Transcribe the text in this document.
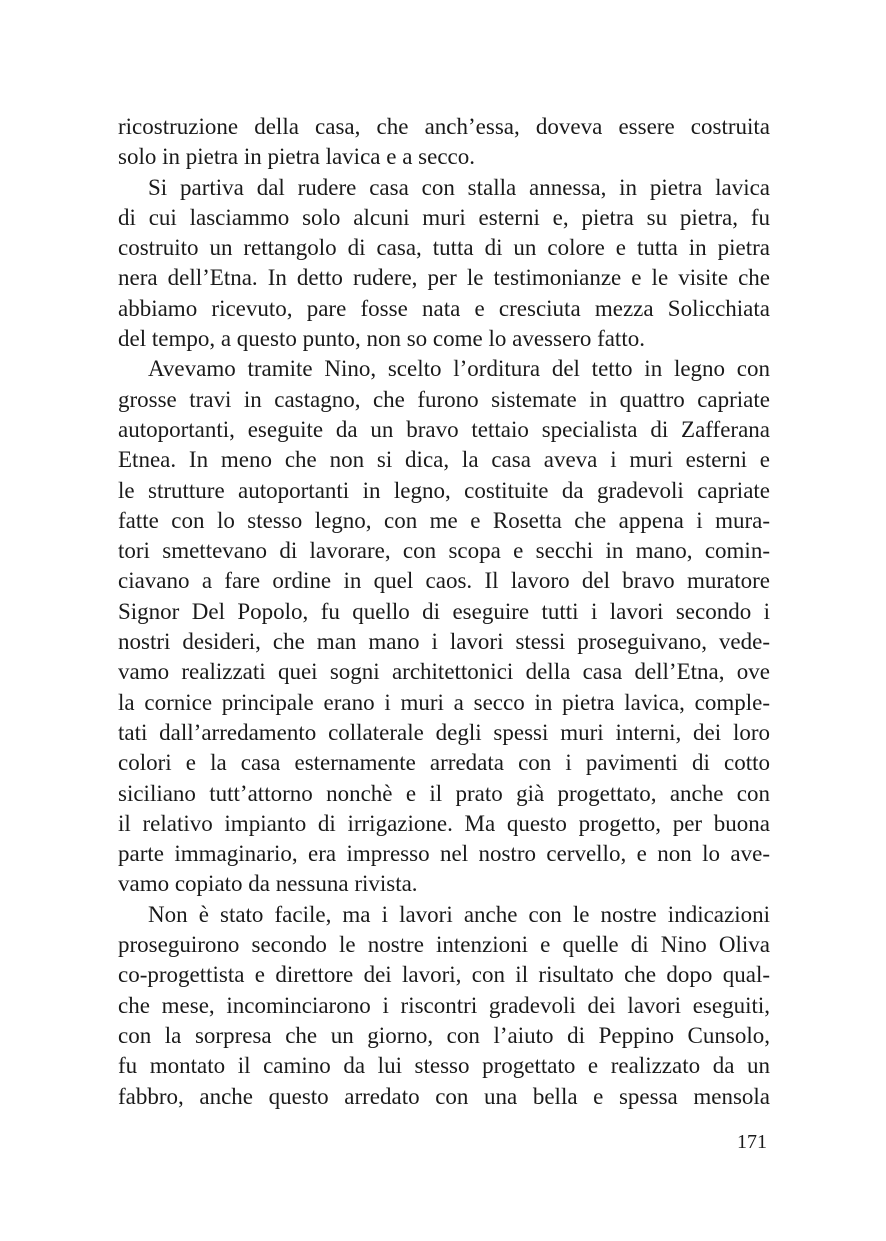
ricostruzione della casa, che anch’essa, doveva essere costruita
solo in pietra in pietra lavica e a secco.
Si partiva dal rudere casa con stalla annessa, in pietra lavica
di cui lasciammo solo alcuni muri esterni e, pietra su pietra, fu
costruito un rettangolo di casa, tutta di un colore e tutta in pietra
nera dell’Etna. In detto rudere, per le testimonianze e le visite che
abbiamo ricevuto, pare fosse nata e cresciuta mezza Solicchiata
del tempo, a questo punto, non so come lo avessero fatto.
Avevamo tramite Nino, scelto l’orditura del tetto in legno con
grosse travi in castagno, che furono sistemate in quattro capriate
autoportanti, eseguite da un bravo tettaio specialista di Zafferana
Etnea. In meno che non si dica, la casa aveva i muri esterni e
le strutture autoportanti in legno, costituite da gradevoli capriate
fatte con lo stesso legno, con me e Rosetta che appena i mura-
tori smettevano di lavorare, con scopa e secchi in mano, comin-
ciavano a fare ordine in quel caos. Il lavoro del bravo muratore
Signor Del Popolo, fu quello di eseguire tutti i lavori secondo i
nostri desideri, che man mano i lavori stessi proseguivano, vede-
vamo realizzati quei sogni architettonici della casa dell’Etna, ove
la cornice principale erano i muri a secco in pietra lavica, comple-
tati dall’arredamento collaterale degli spessi muri interni, dei loro
colori e la casa esternamente arredata con i pavimenti di cotto
siciliano tutt’attorno nonchè e il prato già progettato, anche con
il relativo impianto di irrigazione. Ma questo progetto, per buona
parte immaginario, era impresso nel nostro cervello, e non lo ave-
vamo copiato da nessuna rivista.
Non è stato facile, ma i lavori anche con le nostre indicazioni
proseguirono secondo le nostre intenzioni e quelle di Nino Oliva
co-progettista e direttore dei lavori, con il risultato che dopo qual-
che mese, incominciarono i riscontri gradevoli dei lavori eseguiti,
con la sorpresa che un giorno, con l’aiuto di Peppino Cunsolo,
fu montato il camino da lui stesso progettato e realizzato da un
fabbro, anche questo arredato con una bella e spessa mensola
171
